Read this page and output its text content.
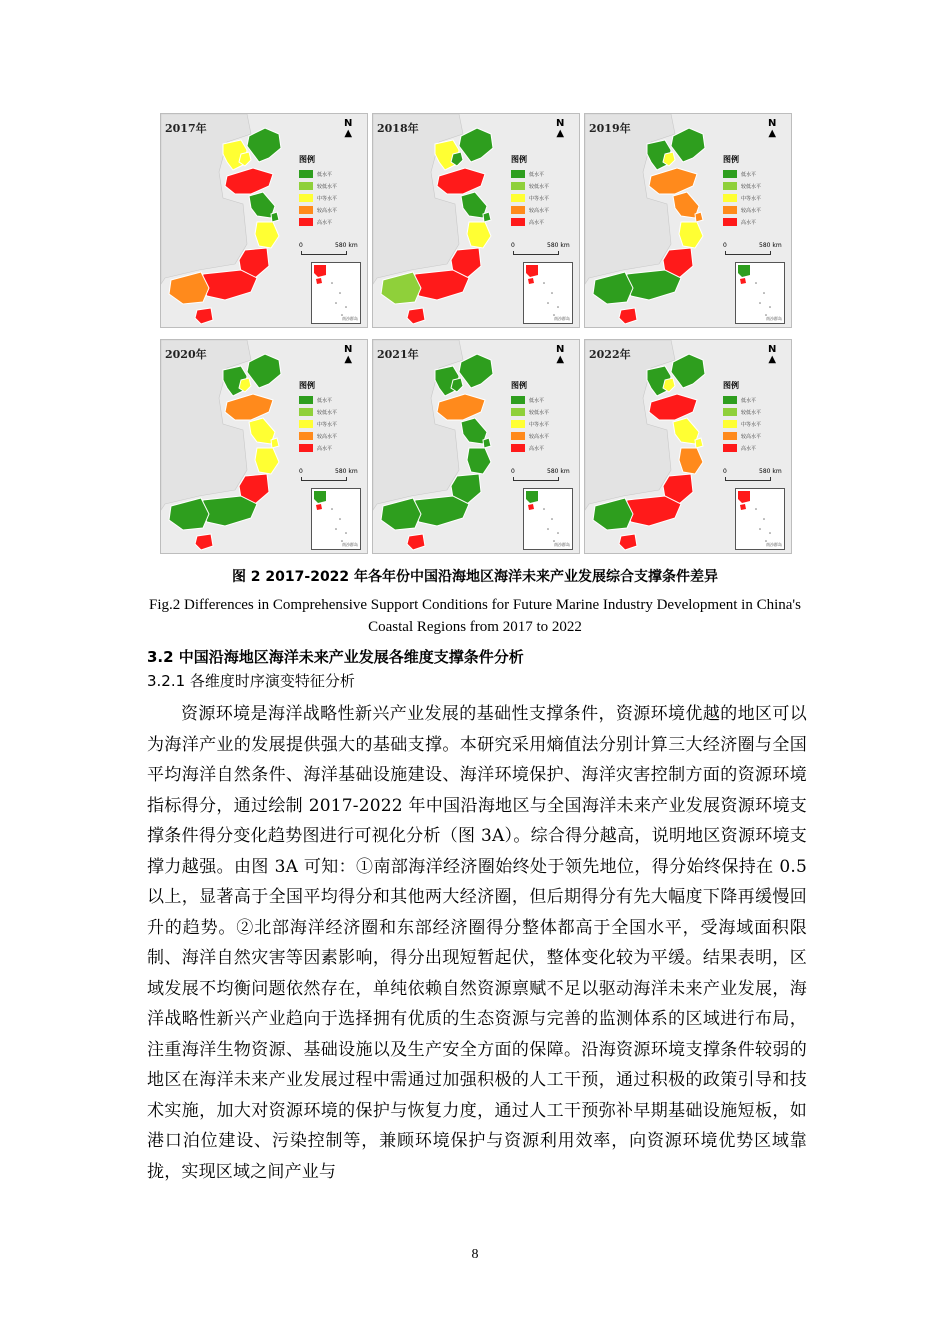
2017年	N
▲
图例
低水平
较低水平
中等水平
较高水平
高水平
0	580 km
南沙群岛
2018年	N
▲
图例
低水平
较低水平
中等水平
较高水平
高水平
0	580 km
南沙群岛
2019年	N
▲
图例
低水平
较低水平
中等水平
较高水平
高水平
0	580 km
南沙群岛
2020年	N
▲
图例
低水平
较低水平
中等水平
较高水平
高水平
0	580 km
南沙群岛
2021年	N
▲
图例
低水平
较低水平
中等水平
较高水平
高水平
0	580 km
南沙群岛
2022年	N
▲
图例
低水平
较低水平
中等水平
较高水平
高水平
0	580 km
南沙群岛
图 2 2017-2022 年各年份中国沿海地区海洋未来产业发展综合支撑条件差异
Fig.2 Differences in Comprehensive Support Conditions for Future Marine Industry Development in China's Coastal Regions from 2017 to 2022
3.2 中国沿海地区海洋未来产业发展各维度支撑条件分析
3.2.1 各维度时序演变特征分析
资源环境是海洋战略性新兴产业发展的基础性支撑条件，资源环境优越的地区可以为海洋产业的发展提供强大的基础支撑。本研究采用熵值法分别计算三大经济圈与全国平均海洋自然条件、海洋基础设施建设、海洋环境保护、海洋灾害控制方面的资源环境指标得分，通过绘制 2017-2022 年中国沿海地区与全国海洋未来产业发展资源环境支撑条件得分变化趋势图进行可视化分析（图 3A）。综合得分越高，说明地区资源环境支撑力越强。由图 3A 可知：①南部海洋经济圈始终处于领先地位，得分始终保持在 0.5 以上，显著高于全国平均得分和其他两大经济圈，但后期得分有先大幅度下降再缓慢回升的趋势。②北部海洋经济圈和东部经济圈得分整体都高于全国水平，受海域面积限制、海洋自然灾害等因素影响，得分出现短暂起伏，整体变化较为平缓。结果表明，区域发展不均衡问题依然存在，单纯依赖自然资源禀赋不足以驱动海洋未来产业发展，海洋战略性新兴产业趋向于选择拥有优质的生态资源与完善的监测体系的区域进行布局，注重海洋生物资源、基础设施以及生产安全方面的保障。沿海资源环境支撑条件较弱的地区在海洋未来产业发展过程中需通过加强积极的人工干预，通过积极的政策引导和技术实施，加大对资源环境的保护与恢复力度，通过人工干预弥补早期基础设施短板，如港口泊位建设、污染控制等，兼顾环境保护与资源利用效率，向资源环境优势区域靠拢，实现区域之间产业与
8
